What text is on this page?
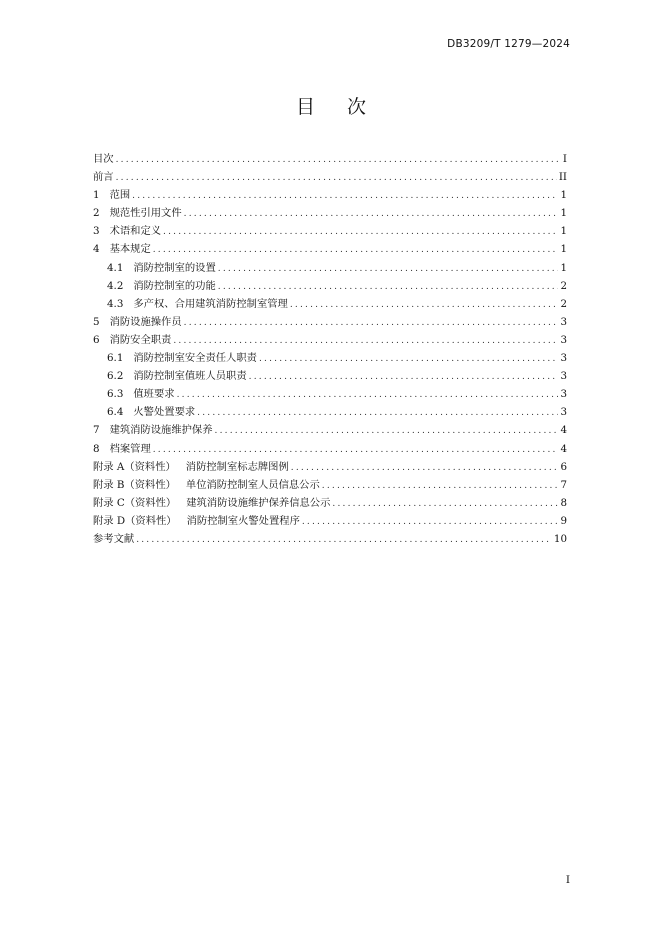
DB3209/T 1279—2024
目 次
目次 .....	I
前言 .....	II
1 范围 .....	1
2 规范性引用文件 .....	1
3 术语和定义 .....	1
4 基本规定 .....	1
4.1 消防控制室的设置 .....	1
4.2 消防控制室的功能 .....	2
4.3 多产权、合用建筑消防控制室管理 .....	2
5 消防设施操作员 .....	3
6 消防安全职责 .....	3
6.1 消防控制室安全责任人职责 .....	3
6.2 消防控制室值班人员职责 .....	3
6.3 值班要求 .....	3
6.4 火警处置要求 .....	3
7 建筑消防设施维护保养 .....	4
8 档案管理 .....	4
附录 A（资料性） 消防控制室标志牌图例 .....	6
附录 B（资料性） 单位消防控制室人员信息公示 .....	7
附录 C（资料性） 建筑消防设施维护保养信息公示 .....	8
附录 D（资料性） 消防控制室火警处置程序 .....	9
参考文献 .....	10
I
